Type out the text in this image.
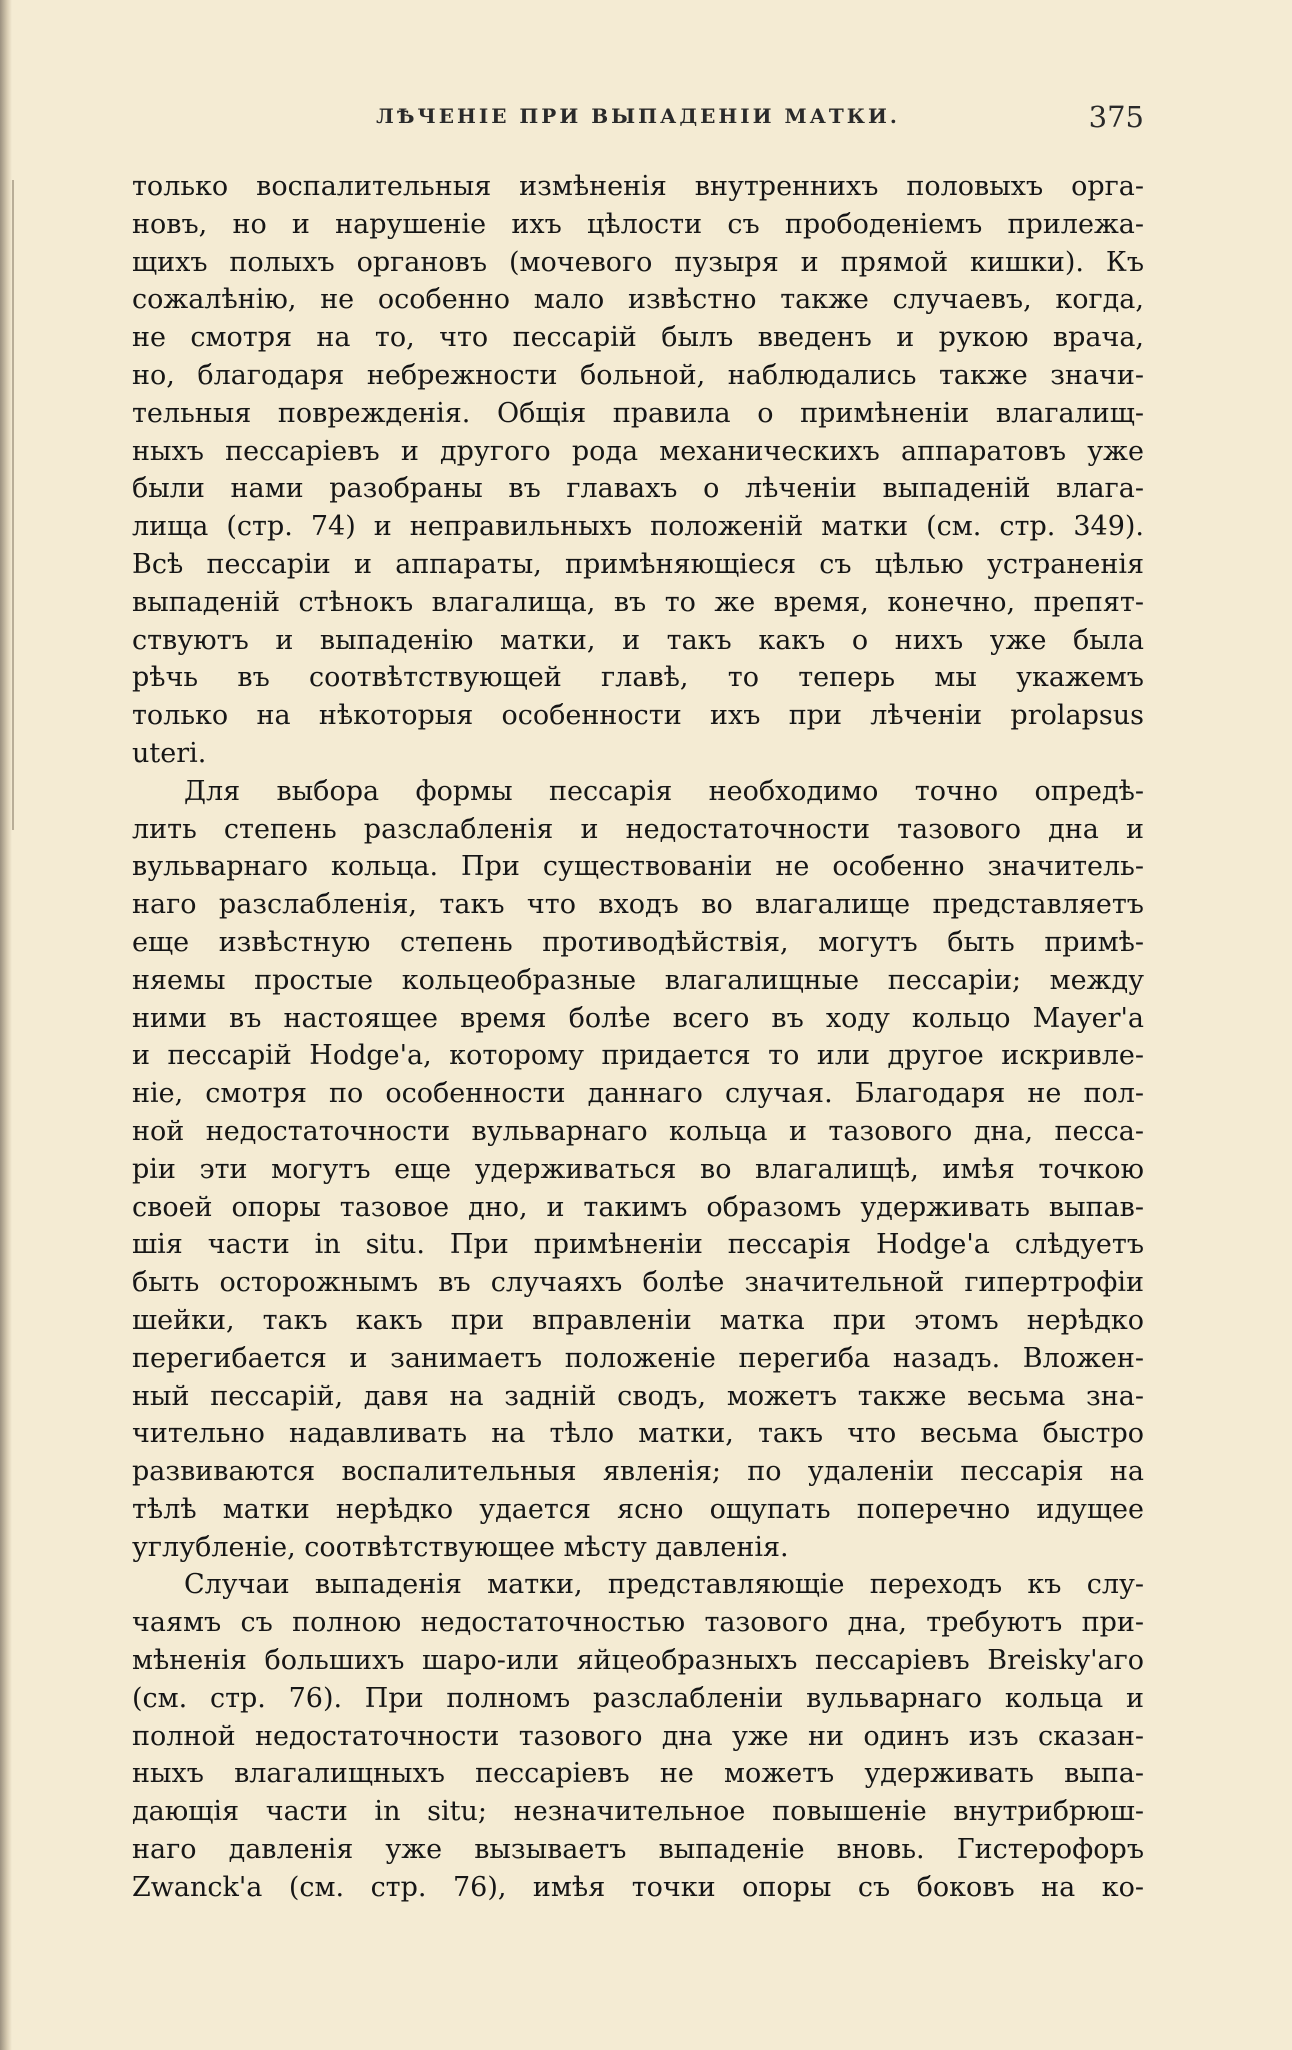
ЛѢЧЕНІЕ ПРИ ВЫПАДЕНІИ МАТКИ.	375
только воспалительныя измѣненія внутреннихъ половыхъ орга-
новъ, но и нарушеніе ихъ цѣлости съ прободеніемъ прилежа-
щихъ полыхъ органовъ (мочевого пузыря и прямой кишки). Къ
сожалѣнію, не особенно мало извѣстно также случаевъ, когда,
не смотря на то, что пессарій былъ введенъ и рукою врача,
но, благодаря небрежности больной, наблюдались также значи-
тельныя поврежденія. Общія правила о примѣненіи влагалищ-
ныхъ пессаріевъ и другого рода механическихъ аппаратовъ уже
были нами разобраны въ главахъ о лѣченіи выпаденій влага-
лища (стр. 74) и неправильныхъ положеній матки (см. стр. 349).
Всѣ пессаріи и аппараты, примѣняющіеся съ цѣлью устраненія
выпаденій стѣнокъ влагалища, въ то же время, конечно, препят-
ствуютъ и выпаденію матки, и такъ какъ о нихъ уже была
рѣчь въ соотвѣтствующей главѣ, то теперь мы укажемъ
только на нѣкоторыя особенности ихъ при лѣченіи prolapsus
uteri.
Для выбора формы пессарія необходимо точно опредѣ-
лить степень разслабленія и недостаточности тазового дна и
вульварнаго кольца. При существованіи не особенно значитель-
наго разслабленія, такъ что входъ во влагалище представляетъ
еще извѣстную степень противодѣйствія, могутъ быть примѣ-
няемы простые кольцеобразные влагалищные пессаріи; между
ними въ настоящее время болѣе всего въ ходу кольцо Mayer'а
и пессарій Hodge'а, которому придается то или другое искривле-
ніе, смотря по особенности даннаго случая. Благодаря не пол-
ной недостаточности вульварнаго кольца и тазового дна, песса-
ріи эти могутъ еще удерживаться во влагалищѣ, имѣя точкою
своей опоры тазовое дно, и такимъ образомъ удерживать выпав-
шія части in situ. При примѣненіи пессарія Hodge'а слѣдуетъ
быть осторожнымъ въ случаяхъ болѣе значительной гипертрофіи
шейки, такъ какъ при вправленіи матка при этомъ нерѣдко
перегибается и занимаетъ положеніе перегиба назадъ. Вложен-
ный пессарій, давя на задній сводъ, можетъ также весьма зна-
чительно надавливать на тѣло матки, такъ что весьма быстро
развиваются воспалительныя явленія; по удаленіи пессарія на
тѣлѣ матки нерѣдко удается ясно ощупать поперечно идущее
углубленіе, соотвѣтствующее мѣсту давленія.
Случаи выпаденія матки, представляющіе переходъ къ слу-
чаямъ съ полною недостаточностью тазового дна, требуютъ при-
мѣненія большихъ шаро-или яйцеобразныхъ пессаріевъ Breisky'аго
(см. стр. 76). При полномъ разслабленіи вульварнаго кольца и
полной недостаточности тазового дна уже ни одинъ изъ сказан-
ныхъ влагалищныхъ пессаріевъ не можетъ удерживать выпа-
дающія части in situ; незначительное повышеніе внутрибрюш-
наго давленія уже вызываетъ выпаденіе вновь. Гистерофоръ
Zwanck'а (см. стр. 76), имѣя точки опоры съ боковъ на ко-
